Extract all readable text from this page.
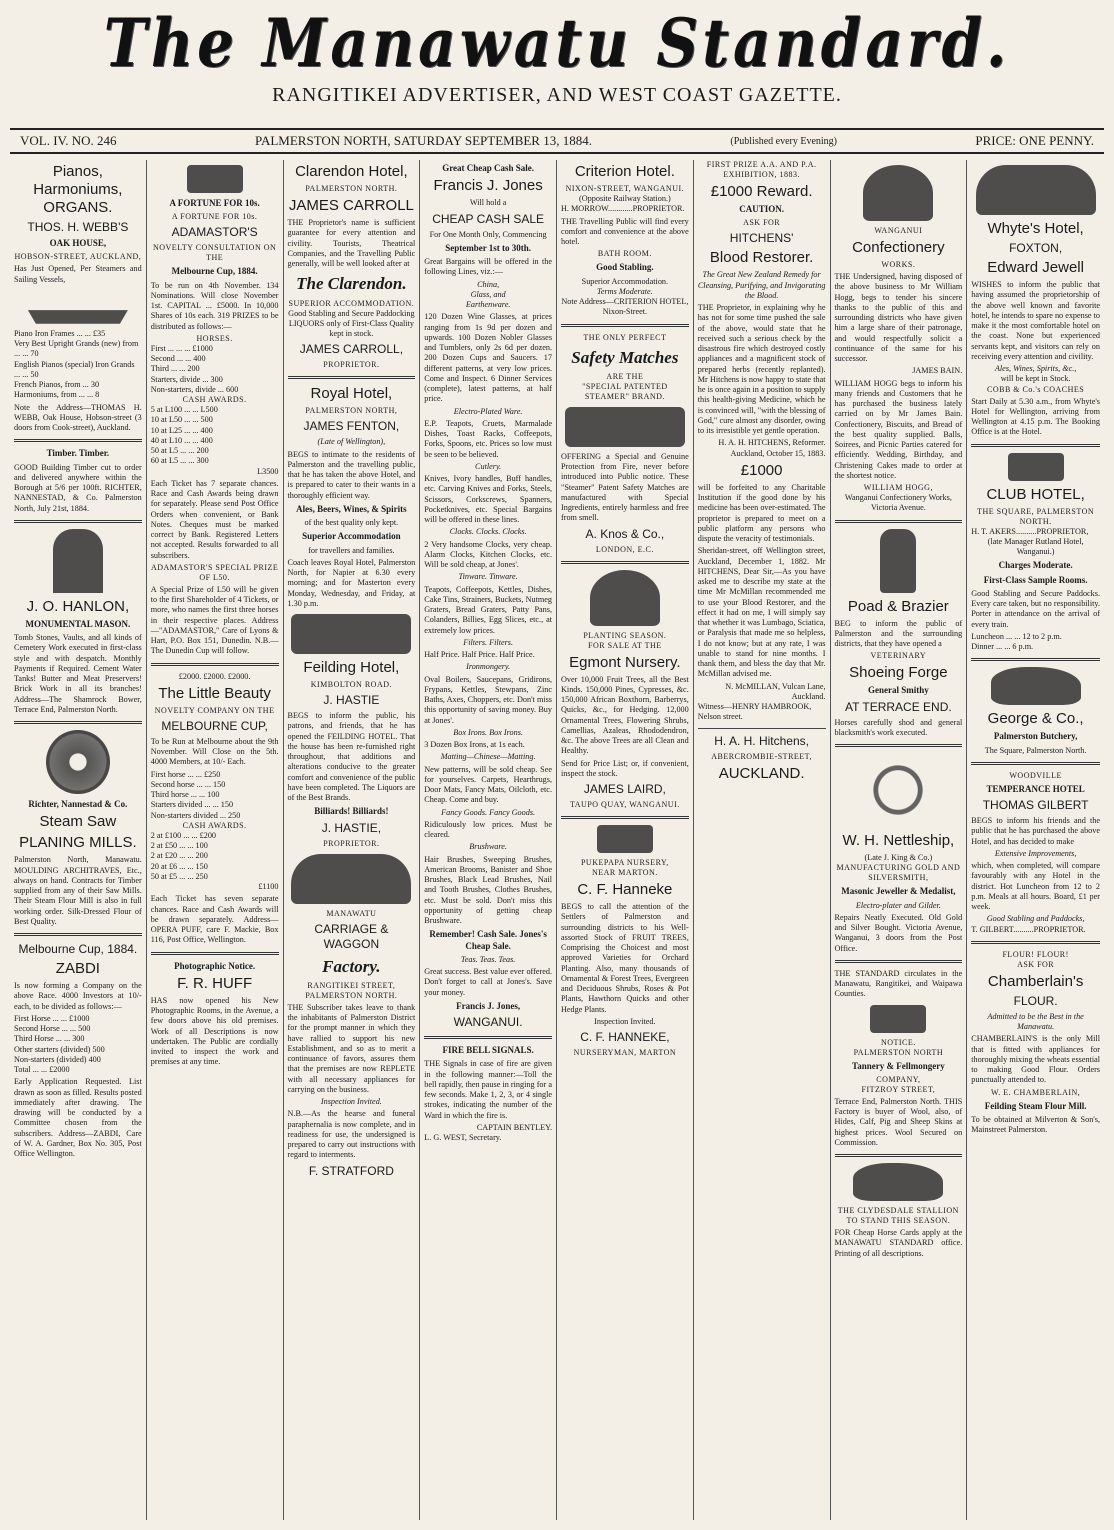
The Manawatu Standard.
RANGITIKEI ADVERTISER, AND WEST COAST GAZETTE.
VOL. IV. NO. 246	PALMERSTON NORTH, SATURDAY SEPTEMBER 13, 1884.	(Published every Evening)	PRICE: ONE PENNY.
Pianos, Harmoniums, ORGANS.
THOS. H. WEBB'S
OAK HOUSE,
HOBSON-STREET, AUCKLAND,

Has Just Opened, Per Steamers and Sailing Vessels,

Piano Iron Frames ... ... £35
Very Best Upright Grands (new) from ... ... 70
English Pianos (special) Iron Grands ... ... 50
French Pianos, from ... 30
Harmoniums, from ... ... 8

Note the Address—THOMAS H. WEBB, Oak House, Hobson-street (3 doors from Cook-street), Auckland.

Timber. Timber.

GOOD Building Timber cut to order and delivered anywhere within the Borough at 5/6 per 100ft. RICHTER, NANNESTAD, & Co. Palmerston North, July 21st, 1884.

J. O. HANLON,
MONUMENTAL MASON.

Tomb Stones, Vaults, and all kinds of Cemetery Work executed in first-class style and with despatch. Monthly Payments if Required. Cement Water Tanks! Butter and Meat Preservers! Brick Work in all its branches! Address—The Shamrock Bower, Terrace End, Palmerston North.

Richter, Nannestad & Co.
Steam Saw
PLANING MILLS.

Palmerston North, Manawatu. MOULDING ARCHITRAVES, Etc., always on hand. Contracts for Timber supplied from any of their Saw Mills. Their Steam Flour Mill is also in full working order. Silk-Dressed Flour of Best Quality.

Melbourne Cup, 1884.
ZABDI

Is now forming a Company on the above Race. 4000 Investors at 10/- each, to be divided as follows:—

First Horse ... ... £1000
Second Horse ... ... 500
Third Horse ... ... 300
Other starters (divided) 500
Non-starters (divided) 400
Total ... ... £2000

Early Application Requested. List drawn as soon as filled. Results posted immediately after drawing. The drawing will be conducted by a Committee chosen from the subscribers. Address—ZABDI, Care of W. A. Gardner, Box No. 305, Post Office Wellington.

A FORTUNE FOR 10s.
A FORTUNE FOR 10s.
ADAMASTOR'S
NOVELTY CONSULTATION ON THE
Melbourne Cup, 1884.

To be run on 4th November. 134 Nominations. Will close November 1st. CAPITAL ... £5000. In 10,000 Shares of 10s each. 319 PRIZES to be distributed as follows:—

HORSES.
First ... ... ... £1000
Second ... ... 400
Third ... ... 200
Starters, divide ... 300
Non-starters, divide ... 600
CASH AWARDS.
5 at L100 ... ... L500
10 at L50 ... ... 500
10 at L25 ... ... 400
40 at L10 ... ... 400
50 at L5 ... ... 200
60 at L5 ... ... 300
L3500

Each Ticket has 7 separate chances. Race and Cash Awards being drawn for separately. Please send Post Office Orders when convenient, or Bank Notes. Cheques must be marked correct by Bank. Registered Letters not accepted. Results forwarded to all subscribers.

ADAMASTOR'S SPECIAL PRIZE OF L50.

A Special Prize of L50 will be given to the first Shareholder of 4 Tickets, or more, who names the first three horses in their respective places. Address—"ADAMASTOR," Care of Lyons & Hart, P.O. Box 151, Dunedin. N.B.—The Dunedin Cup will follow.

£2000. £2000. £2000.
The Little Beauty
NOVELTY COMPANY ON THE
MELBOURNE CUP,

To be Run at Melbourne about the 9th November. Will Close on the 5th. 4000 Members, at 10/- Each.

First horse ... ... £250
Second horse ... ... 150
Third horse ... ... 100
Starters divided ... ... 150
Non-starters divided ... 250
CASH AWARDS.
2 at £100 ... ... £200
2 at £50 ... ... 100
2 at £20 ... ... 200
20 at £6 ... ... 150
50 at £5 ... ... 250
£1100

Each Ticket has seven separate chances. Race and Cash Awards will be drawn separately. Address—OPERA PUFF, care F. Mackie, Box 116, Post Office, Wellington.

Photographic Notice.
F. R. HUFF

HAS now opened his New Photographic Rooms, in the Avenue, a few doors above his old premises. Work of all Descriptions is now undertaken. The Public are cordially invited to inspect the work and premises at any time.

Clarendon Hotel,
PALMERSTON NORTH.
JAMES CARROLL

THE Proprietor's name is sufficient guarantee for every attention and civility. Tourists, Theatrical Companies, and the Travelling Public generally, will be well looked after at

The Clarendon.
SUPERIOR ACCOMMODATION.
Good Stabling and Secure Paddocking
LIQUORS only of First-Class Quality kept in stock.
JAMES CARROLL,
PROPRIETOR.
Royal Hotel,
PALMERSTON NORTH,
JAMES FENTON,
(Late of Wellington),

BEGS to intimate to the residents of Palmerston and the travelling public, that he has taken the above Hotel, and is prepared to cater to their wants in a thoroughly efficient way.

Ales, Beers, Wines, & Spirits
of the best quality only kept.
Superior Accommodation
for travellers and families.

Coach leaves Royal Hotel, Palmerston North, for Napier at 6.30 every morning; and for Masterton every Monday, Wednesday, and Friday, at 1.30 p.m.

Feilding Hotel,
KIMBOLTON ROAD.
J. HASTIE

BEGS to inform the public, his patrons, and friends, that he has opened the FEILDING HOTEL. That the house has been re-furnished right throughout, that additions and alterations conducive to the greater comfort and convenience of the public have been completed. The Liquors are of the Best Brands.

Billiards! Billiards!
J. HASTIE,
PROPRIETOR.
MANAWATU
CARRIAGE & WAGGON
Factory.
RANGITIKEI STREET, PALMERSTON NORTH.

THE Subscriber takes leave to thank the inhabitants of Palmerston District for the prompt manner in which they have rallied to support his new Establishment, and so as to merit a continuance of favors, assures them that the premises are now REPLETE with all necessary appliances for carrying on the business.

Inspection Invited.

N.B.—As the hearse and funeral paraphernalia is now complete, and in readiness for use, the undersigned is prepared to carry out instructions with regard to interments.

F. STRATFORD
Great Cheap Cash Sale.
Francis J. Jones
Will hold a
CHEAP CASH SALE
For One Month Only, Commencing
September 1st to 30th.

Great Bargains will be offered in the following Lines, viz.:—

China,
Glass, and
Earthenware.

120 Dozen Wine Glasses, at prices ranging from 1s 9d per dozen and upwards. 100 Dozen Nobler Glasses and Tumblers, only 2s 6d per dozen. 200 Dozen Cups and Saucers. 17 different patterns, at very low prices. Come and Inspect. 6 Dinner Services (complete), latest patterns, at half price.

Electro-Plated Ware.

E.P. Teapots, Cruets, Marmalade Dishes, Toast Racks, Coffeepots, Forks, Spoons, etc. Prices so low must be seen to be believed.

Cutlery.

Knives, Ivory handles, Buff handles, etc. Carving Knives and Forks, Steels, Scissors, Corkscrews, Spanners, Pocketknives, etc. Special Bargains will be offered in these lines.

Clocks. Clocks. Clocks.

2 Very handsome Clocks, very cheap. Alarm Clocks, Kitchen Clocks, etc. Will be sold cheap, at Jones'.

Tinware. Tinware.

Teapots, Coffeepots, Kettles, Dishes, Cake Tins, Strainers, Buckets, Nutmeg Graters, Bread Graters, Patty Pans, Colanders, Billies, Egg Slices, etc., at extremely low prices.

Filters. Filters.

Half Price. Half Price. Half Price.

Ironmongery.

Oval Boilers, Saucepans, Gridirons, Frypans, Kettles, Stewpans, Zinc Baths, Axes, Choppers, etc. Don't miss this opportunity of saving money. Buy at Jones'.

Box Irons. Box Irons.

3 Dozen Box Irons, at 1s each.

Matting—Chinese—Matting.

New patterns, will be sold cheap. See for yourselves. Carpets, Hearthrugs, Door Mats, Fancy Mats, Oilcloth, etc. Cheap. Come and buy.

Fancy Goods. Fancy Goods.

Ridiculously low prices. Must be cleared.

Brushware.

Hair Brushes, Sweeping Brushes, American Brooms, Banister and Shoe Brushes, Black Lead Brushes, Nail and Tooth Brushes, Clothes Brushes, etc. Must be sold. Don't miss this opportunity of getting cheap Brushware.

Remember! Cash Sale. Jones's Cheap Sale.
Teas. Teas. Teas.

Great success. Best value ever offered. Don't forget to call at Jones's. Save your money.

Francis J. Jones,
WANGANUI.
FIRE BELL SIGNALS.

THE Signals in case of fire are given in the following manner:—Toll the bell rapidly, then pause in ringing for a few seconds. Make 1, 2, 3, or 4 single strokes, indicating the number of the Ward in which the fire is.

CAPTAIN BENTLEY.
L. G. WEST, Secretary.
Criterion Hotel.
NIXON-STREET, WANGANUI.
(Opposite Railway Station.)
H. MORROW............PROPRIETOR.

THE Travelling Public will find every comfort and convenience at the above hotel.

BATH ROOM.
Good Stabling.
Superior Accommodation.
Terms Moderate.
Note Address—CRITERION HOTEL, Nixon-Street.
THE ONLY PERFECT
Safety Matches
ARE THE
"SPECIAL PATENTED STEAMER" BRAND.

OFFERING a Special and Genuine Protection from Fire, never before introduced into Public notice. These "Steamer" Patent Safety Matches are manufactured with Special Ingredients, entirely harmless and free from smell.

A. Knos & Co.,
LONDON, E.C.
PLANTING SEASON.
FOR SALE AT THE
Egmont Nursery.

Over 10,000 Fruit Trees, all the Best Kinds. 150,000 Pines, Cypresses, &c. 150,000 African Boxthorn, Barberrys, Quicks, &c., for Hedging. 12,000 Ornamental Trees, Flowering Shrubs, Camellias, Azaleas, Rhododendron, &c. The above Trees are all Clean and Healthy.

Send for Price List; or, if convenient, inspect the stock.

JAMES LAIRD,
TAUPO QUAY, WANGANUI.
PUKEPAPA NURSERY,
NEAR MARTON.
C. F. Hanneke

BEGS to call the attention of the Settlers of Palmerston and surrounding districts to his Well-assorted Stock of FRUIT TREES, Comprising the Choicest and most approved Varieties for Orchard Planting. Also, many thousands of Ornamental & Forest Trees, Evergreen and Deciduous Shrubs, Roses & Pot Plants, Hawthorn Quicks and other Hedge Plants.

Inspection Invited.
C. F. HANNEKE,
NURSERYMAN, MARTON
FIRST PRIZE A.A. AND P.A. EXHIBITION, 1883.
£1000 Reward.
CAUTION.
ASK FOR
HITCHENS'
Blood Restorer.
The Great New Zealand Remedy for Cleansing, Purifying, and Invigorating the Blood.

THE Proprietor, in explaining why he has not for some time pushed the sale of the above, would state that he received such a serious check by the disastrous fire which destroyed costly appliances and a magnificent stock of prepared herbs (recently replanted). Mr Hitchens is now happy to state that he is once again in a position to supply this health-giving Medicine, which he is convinced will, "with the blessing of God," cure almost any disorder, owing to its irresistible yet gentle operation.

H. A. H. HITCHENS, Reformer. Auckland, October 15, 1883.
£1000

will be forfeited to any Charitable Institution if the good done by his medicine has been over-estimated. The proprietor is prepared to meet on a public platform any persons who dispute the veracity of testimonials.

Sheridan-street, off Wellington street, Auckland, December 1, 1882. Mr HITCHENS, Dear Sir,—As you have asked me to describe my state at the time Mr McMillan recommended me to use your Blood Restorer, and the effect it had on me, I will simply say that whether it was Lumbago, Sciatica, or Paralysis that made me so helpless, I do not know; but at any rate, I was unable to stand for nine months. I thank them, and bless the day that Mr. McMillan advised me.

N. McMILLAN, Vulcan Lane, Auckland.
Witness—HENRY HAMBROOK, Nelson street.
H. A. H. Hitchens,
ABERCROMBIE-STREET,
AUCKLAND.
WANGANUI
Confectionery
WORKS.

THE Undersigned, having disposed of the above business to Mr William Hogg, begs to tender his sincere thanks to the public of this and surrounding districts who have given him a large share of their patronage, and would respectfully solicit a continuance of the same for his successor.

JAMES BAIN.

WILLIAM HOGG begs to inform his many friends and Customers that he has purchased the business lately carried on by Mr James Bain. Confectionery, Biscuits, and Bread of the best quality supplied. Balls, Soirees, and Picnic Parties catered for efficiently. Wedding, Birthday, and Christening Cakes made to order at the shortest notice.

WILLIAM HOGG,
Wanganui Confectionery Works, Victoria Avenue.
Poad & Brazier

BEG to inform the public of Palmerston and the surrounding districts, that they have opened a

VETERINARY
Shoeing Forge
General Smithy
AT TERRACE END.

Horses carefully shod and general blacksmith's work executed.

W. H. Nettleship,
(Late J. King & Co.)
MANUFACTURING GOLD AND SILVERSMITH,
Masonic Jeweller & Medalist,
Electro-plater and Gilder.

Repairs Neatly Executed. Old Gold and Silver Bought. Victoria Avenue, Wanganui, 3 doors from the Post Office.

THE STANDARD circulates in the Manawatu, Rangitikei, and Waipawa Counties.

NOTICE.
PALMERSTON NORTH
Tannery & Fellmongery
COMPANY,
FITZROY STREET,

Terrace End, Palmerston North. THIS Factory is buyer of Wool, also, of Hides, Calf, Pig and Sheep Skins at highest prices. Wool Secured on Commission.

THE CLYDESDALE STALLION
TO STAND THIS SEASON.

FOR Cheap Horse Cards apply at the MANAWATU STANDARD office. Printing of all descriptions.

Whyte's Hotel,
FOXTON,
Edward Jewell

WISHES to inform the public that having assumed the proprietorship of the above well known and favorite hotel, he intends to spare no expense to make it the most comfortable hotel on the coast. None but experienced servants kept, and visitors can rely on receiving every attention and civility.

Ales, Wines, Spirits, &c.,
will be kept in Stock.
COBB & Co.'s COACHES

Start Daily at 5.30 a.m., from Whyte's Hotel for Wellington, arriving from Wellington at 4.15 p.m. The Booking Office is at the Hotel.

CLUB HOTEL,
THE SQUARE, PALMERSTON NORTH.
H. T. AKERS..........PROPRIETOR,
(late Manager Rutland Hotel, Wanganui.)
Charges Moderate.
First-Class Sample Rooms.

Good Stabling and Secure Paddocks. Every care taken, but no responsibility. Porter in attendance on the arrival of every train.

Luncheon ... ... 12 to 2 p.m.
Dinner ... ... 6 p.m.
George & Co.,
Palmerston Butchery,
The Square, Palmerston North.
WOODVILLE
TEMPERANCE HOTEL
THOMAS GILBERT

BEGS to inform his friends and the public that he has purchased the above Hotel, and has decided to make

Extensive Improvements,

which, when completed, will compare favourably with any Hotel in the district. Hot Luncheon from 12 to 2 p.m. Meals at all hours. Board, £1 per week.

Good Stabling and Paddocks,
T. GILBERT..........PROPRIETOR.
FLOUR! FLOUR!
ASK FOR
Chamberlain's
FLOUR.
Admitted to be the Best in the Manawatu.

CHAMBERLAIN'S is the only Mill that is fitted with appliances for thoroughly mixing the wheats essential to making Good Flour. Orders punctually attended to.

W. E. CHAMBERLAIN,
Feilding Steam Flour Mill.

To be obtained at Milverton & Son's, Mainstreet Palmerston.
